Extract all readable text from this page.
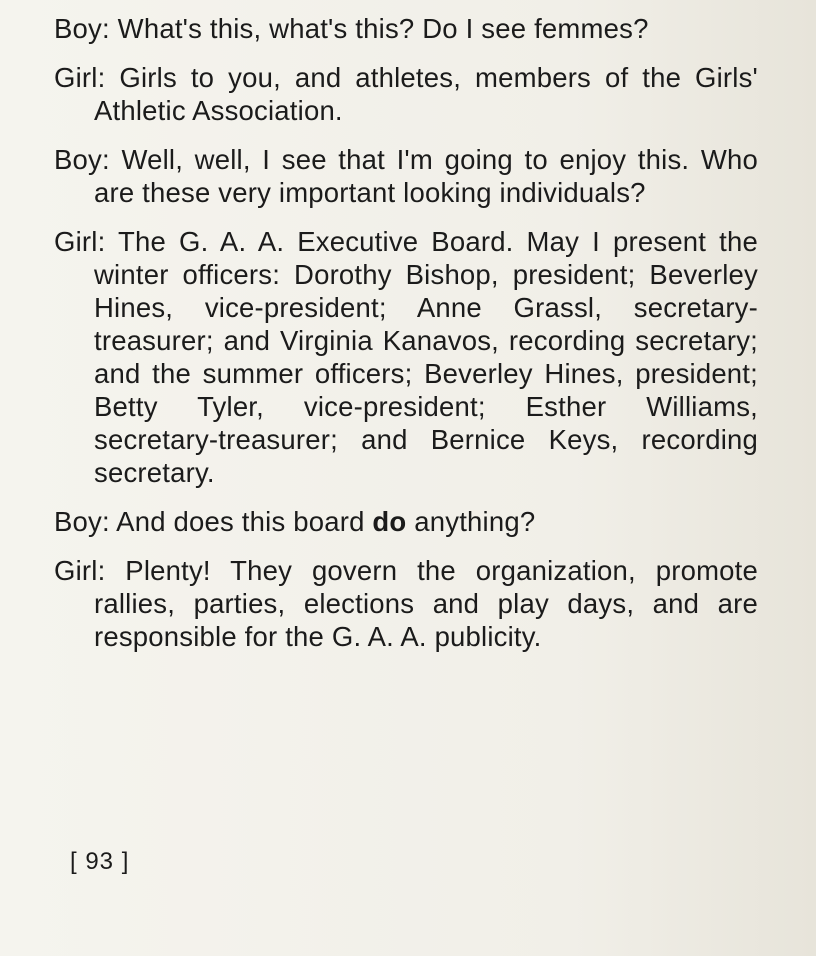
Boy: What's this, what's this? Do I see femmes?

Girl: Girls to you, and athletes, members of the Girls' Athletic Association.

Boy: Well, well, I see that I'm going to enjoy this. Who are these very important looking individuals?

Girl: The G. A. A. Executive Board. May I present the winter officers: Dorothy Bishop, president; Beverley Hines, vice-president; Anne Grassl, secretary-treasurer; and Virginia Kanavos, recording secretary; and the summer officers; Beverley Hines, president; Betty Tyler, vice-president; Esther Williams, secretary-treasurer; and Bernice Keys, recording secretary.

Boy: And does this board do anything?

Girl: Plenty! They govern the organization, promote rallies, parties, elections and play days, and are responsible for the G. A. A. publicity.

[ 93 ]
